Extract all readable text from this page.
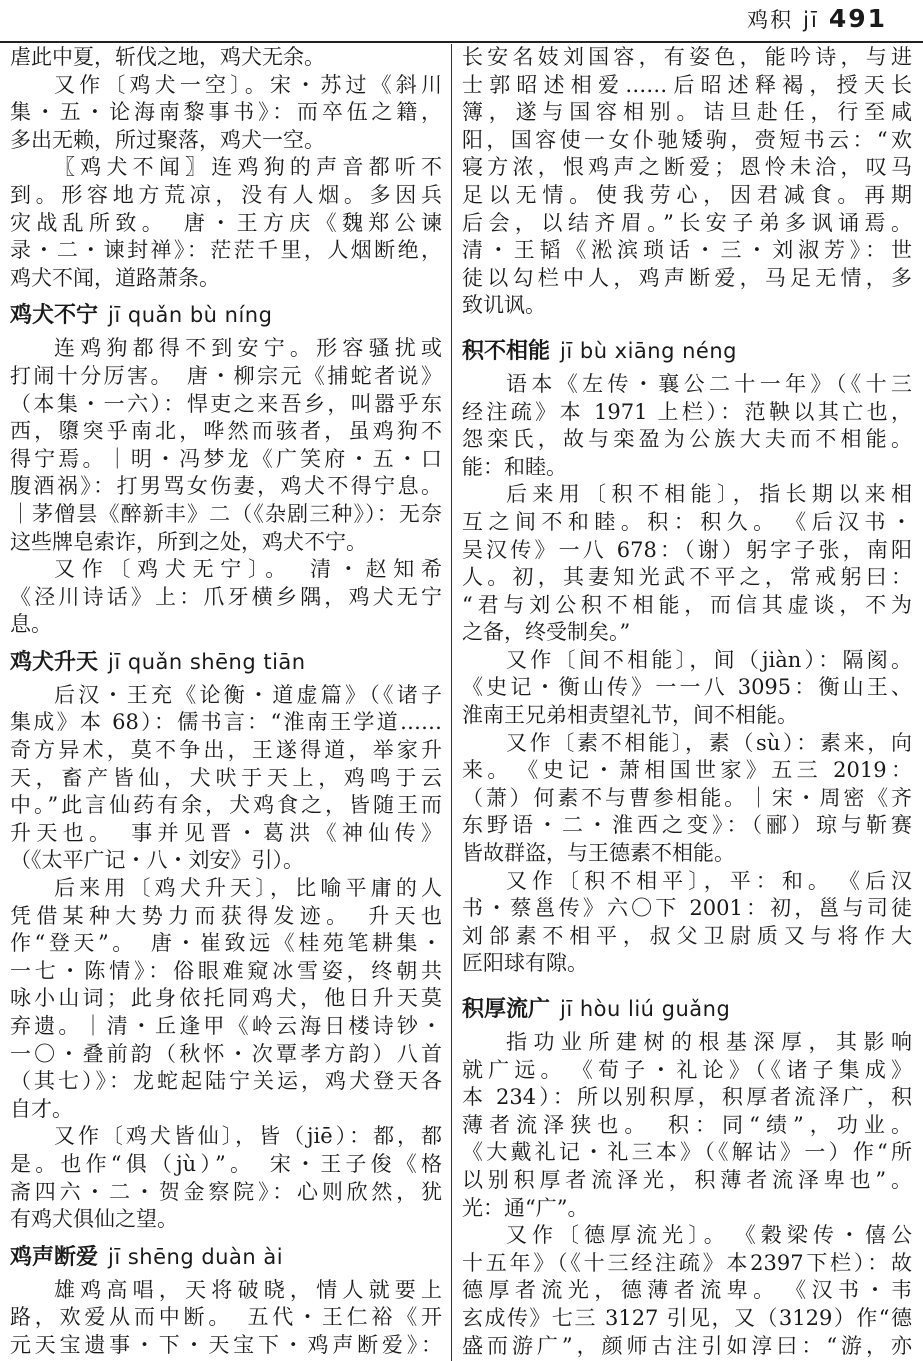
鸡积 jī 491
虐此中夏，斩伐之地，鸡犬无余。
又作〔鸡犬一空〕。宋・苏过《斜川
集・五・论海南黎事书》：而卒伍之籍，
多出无赖，所过聚落，鸡犬一空。
〖鸡犬不闻〗连鸡狗的声音都听不
到。形容地方荒凉，没有人烟。多因兵
灾战乱所致。　唐・王方庆《魏郑公谏
录・二・谏封禅》：茫茫千里，人烟断绝，
鸡犬不闻，道路萧条。
鸡犬不宁 jī quǎn bù níng
连鸡狗都得不到安宁。形容骚扰或
打闹十分厉害。　唐・柳宗元《捕蛇者说》
（本集・一六）：悍吏之来吾乡，叫嚣乎东
西，隳突乎南北，哗然而骇者，虽鸡狗不
得宁焉。｜明・冯梦龙《广笑府・五・口
腹酒祸》：打男骂女伤妻，鸡犬不得宁息。
｜茅僧昙《醉新丰》二（《杂剧三种》）：无奈
这些牌皂索诈，所到之处，鸡犬不宁。
又作〔鸡犬无宁〕。　清・赵知希
《泾川诗话》上：爪牙横乡隅，鸡犬无宁
息。
鸡犬升天 jī quǎn shēng tiān
后汉・王充《论衡・道虚篇》（《诸子
集成》本 68）：儒书言：“淮南王学道……
奇方异术，莫不争出，王遂得道，举家升
天，畜产皆仙，犬吠于天上，鸡鸣于云
中。”此言仙药有余，犬鸡食之，皆随王而
升天也。　事并见晋・葛洪《神仙传》
（《太平广记・八・刘安》引）。
后来用〔鸡犬升天〕，比喻平庸的人
凭借某种大势力而获得发迹。　升天也
作“登天”。　唐・崔致远《桂苑笔耕集・
一七・陈情》：俗眼难窥冰雪姿，终朝共
咏小山词；此身依托同鸡犬，他日升天莫
弃遗。｜清・丘逢甲《岭云海日楼诗钞・
一〇・叠前韵（秋怀・次覃孝方韵）八首
（其七）》：龙蛇起陆宁关运，鸡犬登天各
自才。
又作〔鸡犬皆仙〕，皆（jiē）：都，都
是。也作“俱（jù）”。　宋・王子俊《格
斋四六・二・贺金察院》：心则欣然，犹
有鸡犬俱仙之望。
鸡声断爱 jī shēng duàn ài
雄鸡高唱，天将破晓，情人就要上
路，欢爱从而中断。　五代・王仁裕《开
元天宝遗事・下・天宝下・鸡声断爱》：
长安名妓刘国容，有姿色，能吟诗，与进
士郭昭述相爱……后昭述释褐，授天长
簿，遂与国容相别。诘旦赴任，行至咸
阳，国容使一女仆驰矮驹，赍短书云：“欢
寝方浓，恨鸡声之断爱；恩怜未洽，叹马
足以无情。使我劳心，因君减食。再期
后会，以结齐眉。”长安子弟多讽诵焉。
清・王韬《淞滨琐话・三・刘淑芳》：世
徒以勾栏中人，鸡声断爱，马足无情，多
致讥讽。
积不相能 jī bù xiāng néng
语本《左传・襄公二十一年》（《十三
经注疏》本 1971 上栏）：范鞅以其亡也，
怨栾氏，故与栾盈为公族大夫而不相能。
能：和睦。
后来用〔积不相能〕，指长期以来相
互之间不和睦。积：积久。　《后汉书・
吴汉传》一八 678：（谢）躬字子张，南阳
人。初，其妻知光武不平之，常戒躬曰：
“君与刘公积不相能，而信其虚谈，不为
之备，终受制矣。”
又作〔间不相能〕，间（jiàn）：隔阂。
《史记・衡山传》一一八 3095：衡山王、
淮南王兄弟相责望礼节，间不相能。
又作〔素不相能〕，素（sù）：素来，向
来。　《史记・萧相国世家》五三 2019：
（萧）何素不与曹参相能。｜宋・周密《齐
东野语・二・淮西之变》：（郦）琼与靳赛
皆故群盗，与王德素不相能。
又作〔积不相平〕，平：和。　《后汉
书・蔡邕传》六〇下 2001：初，邕与司徒
刘郃素不相平，叔父卫尉质又与将作大
匠阳球有隙。
积厚流广 jī hòu liú guǎng
指功业所建树的根基深厚，其影响
就广远。　《荀子・礼论》（《诸子集成》
本 234）：所以别积厚，积厚者流泽广，积
薄者流泽狭也。　积：同“绩”，功业。
《大戴礼记・礼三本》（《解诂》一）作“所
以别积厚者流泽光，积薄者流泽卑也”。
光：通“广”。
又作〔德厚流光〕。　《穀梁传・僖公
十五年》（《十三经注疏》本2397下栏）：故
德厚者流光，德薄者流卑。　《汉书・韦
玄成传》七三 3127 引见，又（3129）作“德
盛而游广”，颜师古注引如淳曰：“游，亦
